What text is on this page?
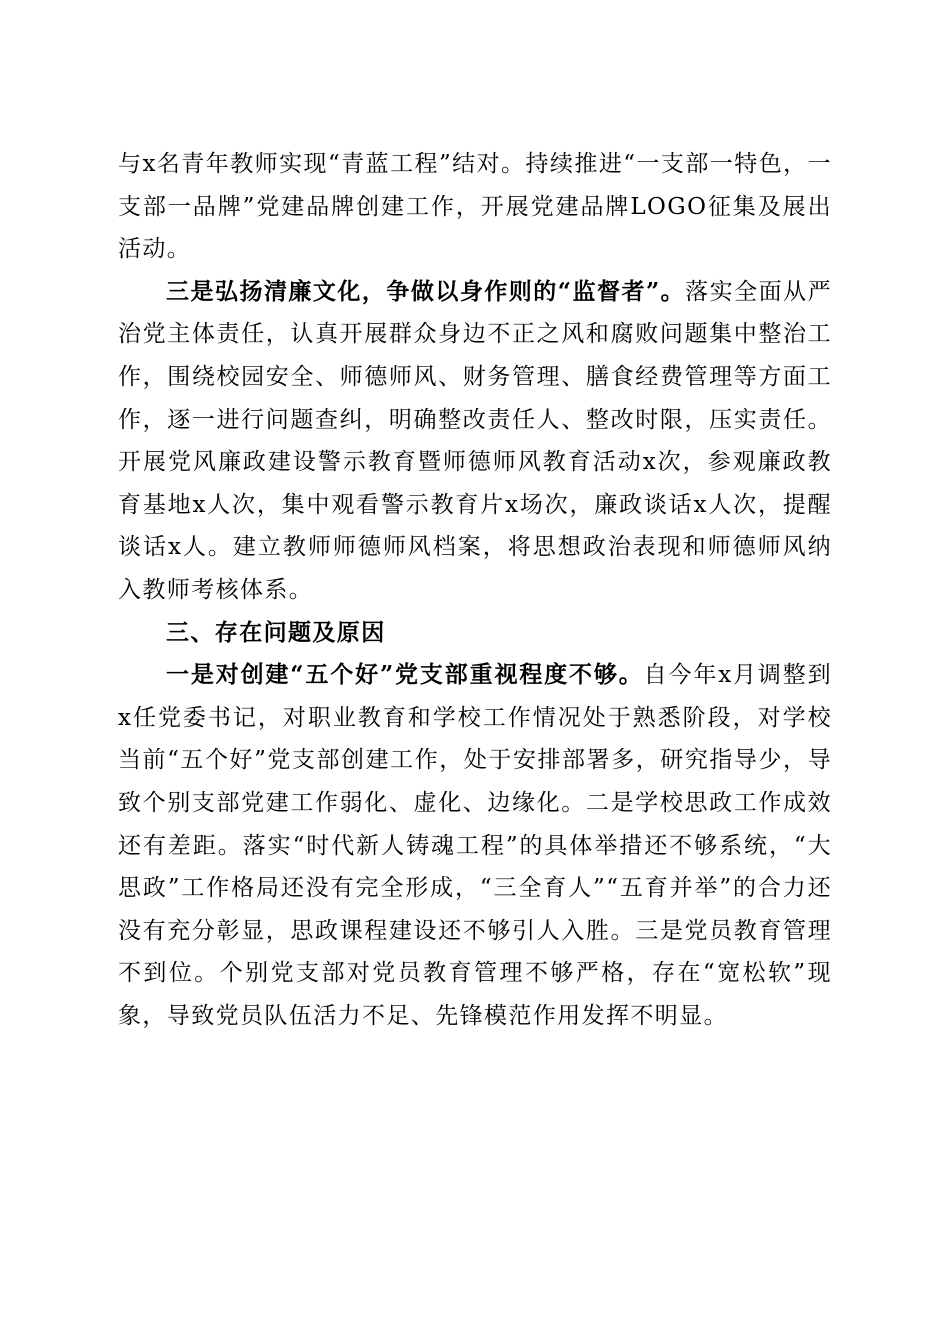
与x名青年教师实现“青蓝工程”结对。持续推进“一支部一特色，一支部一品牌”党建品牌创建工作，开展党建品牌LOGO征集及展出活动。

三是弘扬清廉文化，争做以身作则的“监督者”。落实全面从严治党主体责任，认真开展群众身边不正之风和腐败问题集中整治工作，围绕校园安全、师德师风、财务管理、膳食经费管理等方面工作，逐一进行问题查纠，明确整改责任人、整改时限，压实责任。开展党风廉政建设警示教育暨师德师风教育活动x次，参观廉政教育基地x人次，集中观看警示教育片x场次，廉政谈话x人次，提醒谈话x人。建立教师师德师风档案，将思想政治表现和师德师风纳入教师考核体系。

三、存在问题及原因

一是对创建“五个好”党支部重视程度不够。自今年x月调整到x任党委书记，对职业教育和学校工作情况处于熟悉阶段，对学校当前“五个好”党支部创建工作，处于安排部署多，研究指导少，导致个别支部党建工作弱化、虚化、边缘化。二是学校思政工作成效还有差距。落实“时代新人铸魂工程”的具体举措还不够系统，“大思政”工作格局还没有完全形成，“三全育人”“五育并举”的合力还没有充分彰显，思政课程建设还不够引人入胜。三是党员教育管理不到位。个别党支部对党员教育管理不够严格，存在“宽松软”现象，导致党员队伍活力不足、先锋模范作用发挥不明显。
